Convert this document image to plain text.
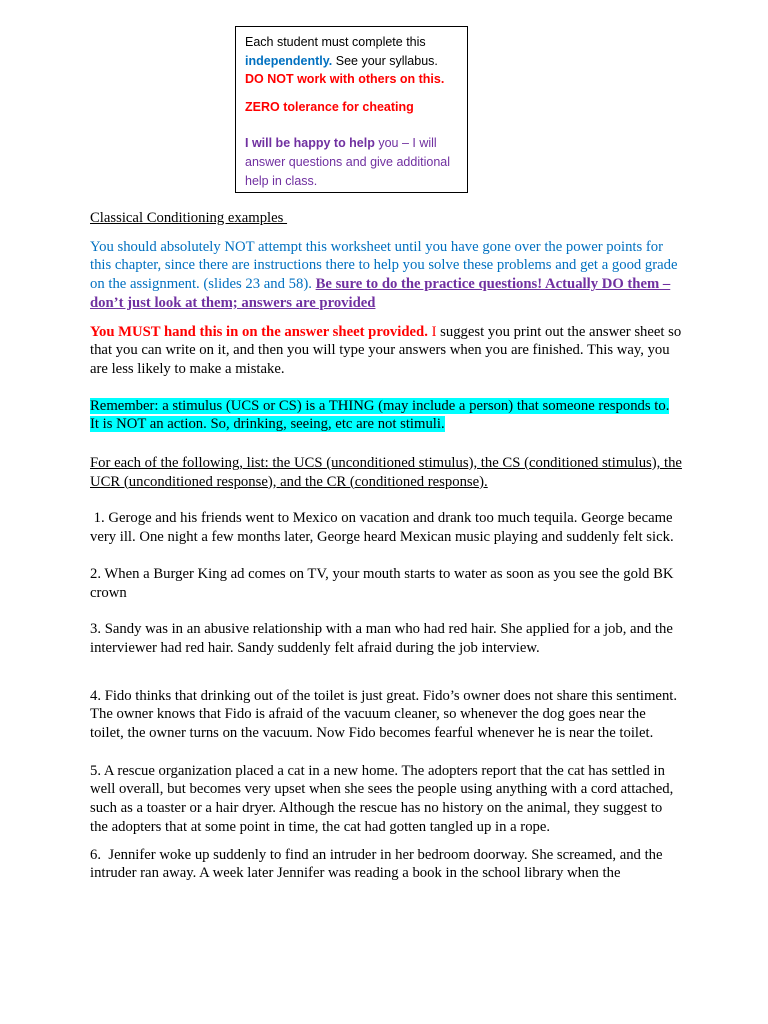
Each student must complete this independently. See your syllabus.

DO NOT work with others on this.

ZERO tolerance for cheating

I will be happy to help you – I will answer questions and give additional help in class.

Classical Conditioning examples

You should absolutely NOT attempt this worksheet until you have gone over the power points for this chapter, since there are instructions there to help you solve these problems and get a good grade on the assignment. (slides 23 and 58). Be sure to do the practice questions! Actually DO them – don’t just look at them; answers are provided

You MUST hand this in on the answer sheet provided. I suggest you print out the answer sheet so that you can write on it, and then you will type your answers when you are finished. This way, you are less likely to make a mistake.

Remember: a stimulus (UCS or CS) is a THING (may include a person) that someone responds to. It is NOT an action. So, drinking, seeing, etc are not stimuli.

For each of the following, list: the UCS (unconditioned stimulus), the CS (conditioned stimulus), the UCR (unconditioned response), and the CR (conditioned response).

1. Geroge and his friends went to Mexico on vacation and drank too much tequila. George became very ill. One night a few months later, George heard Mexican music playing and suddenly felt sick.

2. When a Burger King ad comes on TV, your mouth starts to water as soon as you see the gold BK crown

3. Sandy was in an abusive relationship with a man who had red hair. She applied for a job, and the interviewer had red hair. Sandy suddenly felt afraid during the job interview.

4. Fido thinks that drinking out of the toilet is just great. Fido’s owner does not share this sentiment. The owner knows that Fido is afraid of the vacuum cleaner, so whenever the dog goes near the toilet, the owner turns on the vacuum. Now Fido becomes fearful whenever he is near the toilet.

5. A rescue organization placed a cat in a new home. The adopters report that the cat has settled in well overall, but becomes very upset when she sees the people using anything with a cord attached, such as a toaster or a hair dryer. Although the rescue has no history on the animal, they suggest to the adopters that at some point in time, the cat had gotten tangled up in a rope.

6.  Jennifer woke up suddenly to find an intruder in her bedroom doorway. She screamed, and the intruder ran away. A week later Jennifer was reading a book in the school library when the
